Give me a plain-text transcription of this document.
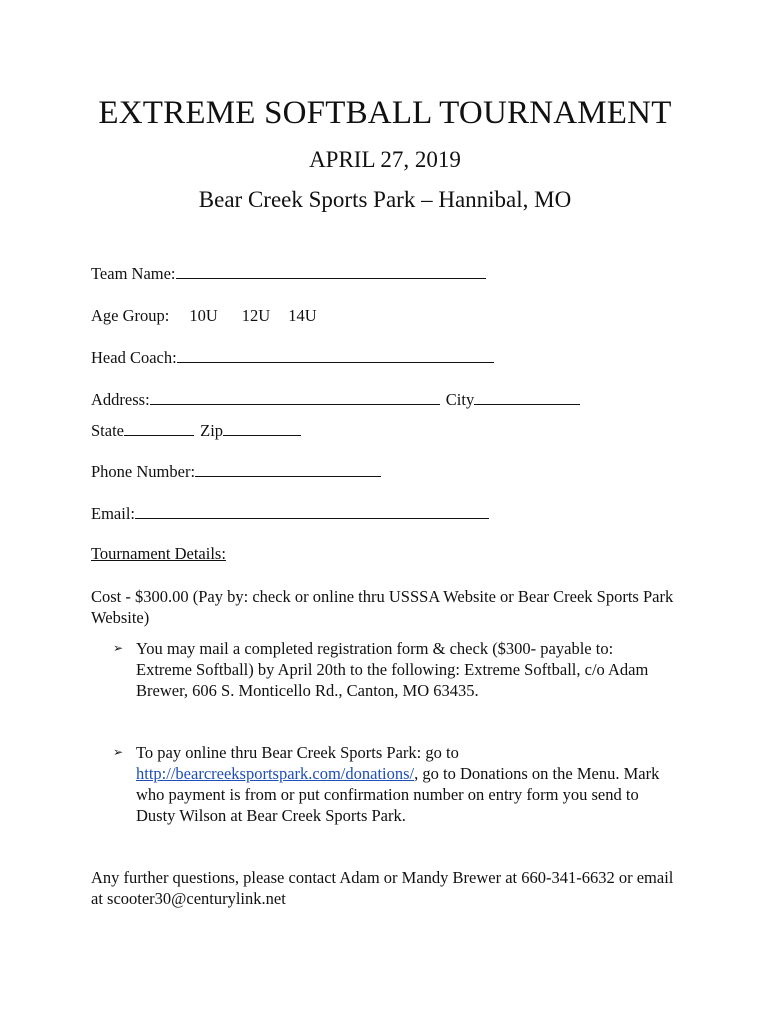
EXTREME SOFTBALL TOURNAMENT
APRIL 27, 2019
Bear Creek Sports Park – Hannibal, MO
Team Name:
Age Group: 10U 12U 14U
Head Coach:
Address:	City
State	Zip
Phone Number:
Email:
Tournament Details:
Cost - $300.00 (Pay by: check or online thru USSSA Website or Bear Creek Sports Park Website)
➢ You may mail a completed registration form & check ($300- payable to: Extreme Softball) by April 20th to the following: Extreme Softball, c/o Adam Brewer, 606 S. Monticello Rd., Canton, MO 63435.
➢ To pay online thru Bear Creek Sports Park: go to
http://bearcreeksportspark.com/donations/, go to Donations on the Menu. Mark who payment is from or put confirmation number on entry form you send to Dusty Wilson at Bear Creek Sports Park.
Any further questions, please contact Adam or Mandy Brewer at 660-341-6632 or email at scooter30@centurylink.net
